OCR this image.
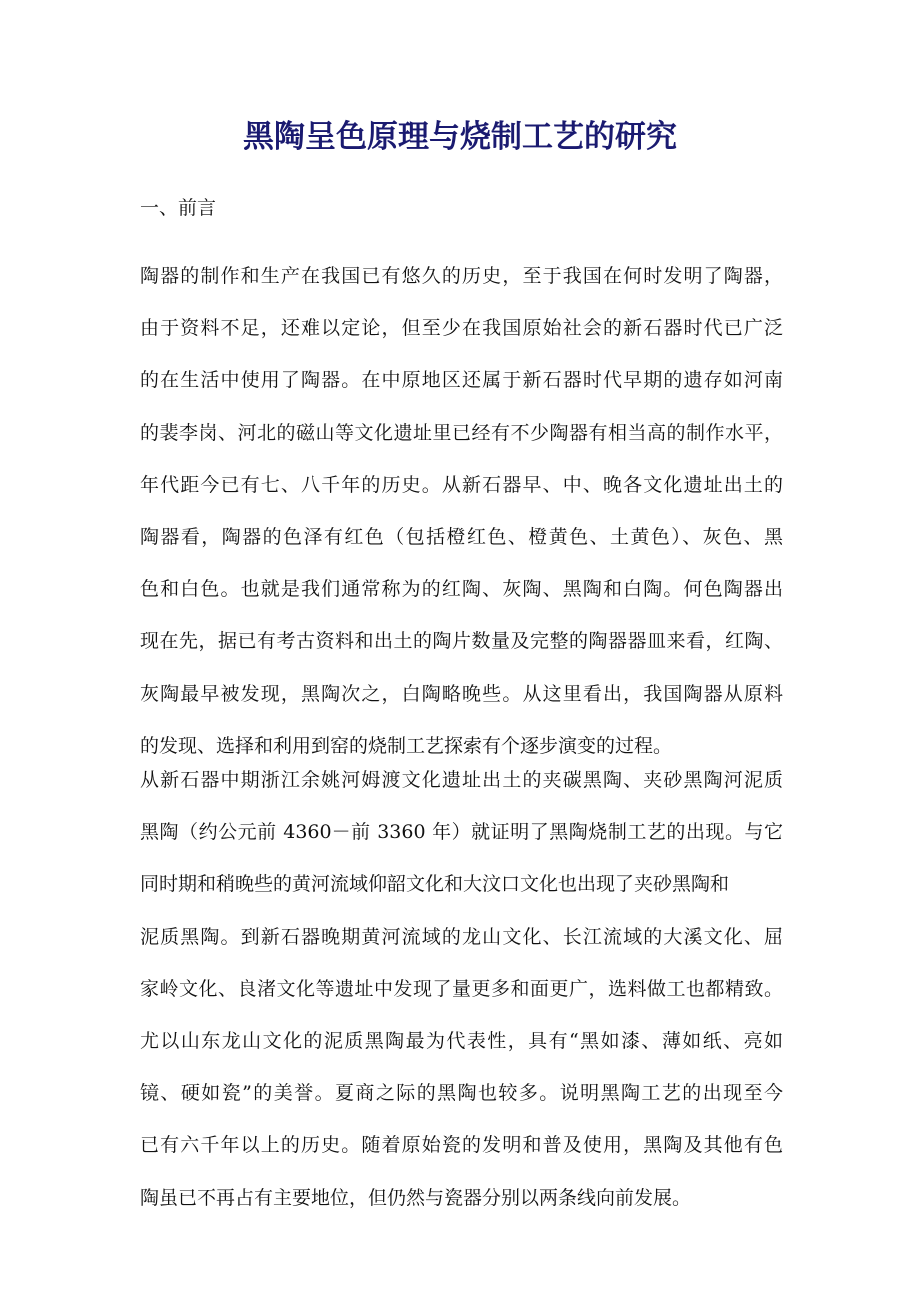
黑陶呈色原理与烧制工艺的研究

一、前言

陶器的制作和生产在我国已有悠久的历史，至于我国在何时发明了陶器，
由于资料不足，还难以定论，但至少在我国原始社会的新石器时代已广泛
的在生活中使用了陶器。在中原地区还属于新石器时代早期的遗存如河南
的裴李岗、河北的磁山等文化遗址里已经有不少陶器有相当高的制作水平，
年代距今已有七、八千年的历史。从新石器早、中、晚各文化遗址出土的
陶器看，陶器的色泽有红色（包括橙红色、橙黄色、土黄色）、灰色、黑
色和白色。也就是我们通常称为的红陶、灰陶、黑陶和白陶。何色陶器出
现在先，据已有考古资料和出土的陶片数量及完整的陶器器皿来看，红陶、
灰陶最早被发现，黑陶次之，白陶略晚些。从这里看出，我国陶器从原料
的发现、选择和利用到窑的烧制工艺探索有个逐步演变的过程。

从新石器中期浙江余姚河姆渡文化遗址出土的夹碳黑陶、夹砂黑陶河泥质
黑陶（约公元前 4360－前 3360 年）就证明了黑陶烧制工艺的出现。与它
同时期和稍晚些的黄河流域仰韶文化和大汶口文化也出现了夹砂黑陶和
泥质黑陶。到新石器晚期黄河流域的龙山文化、长江流域的大溪文化、屈
家岭文化、良渚文化等遗址中发现了量更多和面更广，选料做工也都精致。
尤以山东龙山文化的泥质黑陶最为代表性，具有“黑如漆、薄如纸、亮如
镜、硬如瓷”的美誉。夏商之际的黑陶也较多。说明黑陶工艺的出现至今
已有六千年以上的历史。随着原始瓷的发明和普及使用，黑陶及其他有色
陶虽已不再占有主要地位，但仍然与瓷器分别以两条线向前发展。
